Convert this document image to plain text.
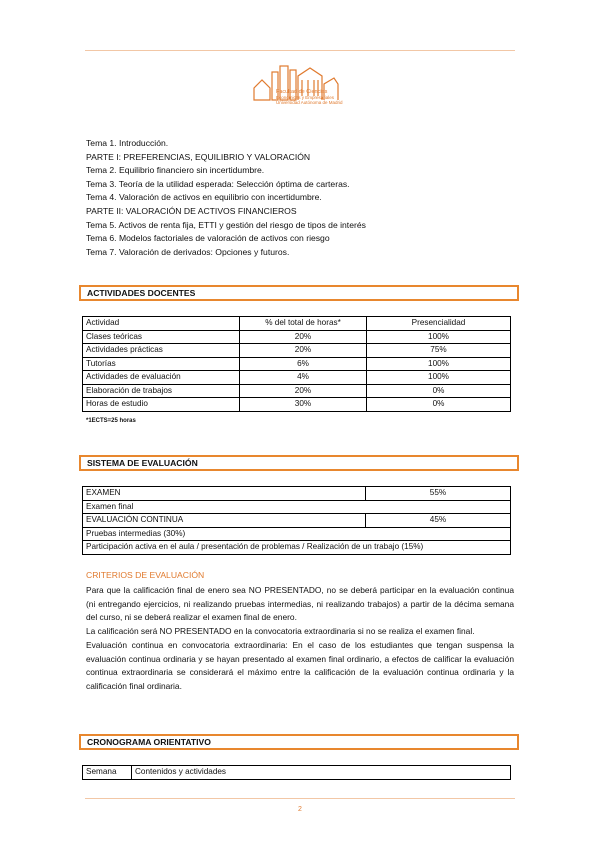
Facultad de Ciencias
Económicas y Empresariales
Universidad Autónoma de Madrid
Tema 1. Introducción.
PARTE I: PREFERENCIAS, EQUILIBRIO Y VALORACIÓN
Tema 2. Equilibrio financiero sin incertidumbre.
Tema 3. Teoría de la utilidad esperada: Selección óptima de carteras.
Tema 4. Valoración de activos en equilibrio con incertidumbre.
PARTE II: VALORACIÓN DE ACTIVOS FINANCIEROS
Tema 5. Activos de renta fija, ETTI y gestión del riesgo de tipos de interés
Tema 6. Modelos factoriales de valoración de activos con riesgo
Tema 7. Valoración de derivados: Opciones y futuros.
ACTIVIDADES DOCENTES
Actividad	% del total de horas*	Presencialidad
Clases teóricas	20%	100%
Actividades prácticas	20%	75%
Tutorías	6%	100%
Actividades de evaluación	4%	100%
Elaboración de trabajos	20%	0%
Horas de estudio	30%	0%
*1ECTS=25 horas
SISTEMA DE EVALUACIÓN
EXAMEN	55%
Examen final	
EVALUACIÓN CONTINUA	45%
Pruebas intermedias (30%)	
Participación activa en el aula / presentación de problemas / Realización de un trabajo (15%)	
CRITERIOS DE EVALUACIÓN

Para que la calificación final de enero sea NO PRESENTADO, no se deberá participar en la evaluación continua (ni entregando ejercicios, ni realizando pruebas intermedias, ni realizando trabajos) a partir de la décima semana del curso, ni se deberá realizar el examen final de enero.

La calificación será NO PRESENTADO en la convocatoria extraordinaria si no se realiza el examen final.

Evaluación continua en convocatoria extraordinaria: En el caso de los estudiantes que tengan suspensa la evaluación continua ordinaria y se hayan presentado al examen final ordinario, a efectos de calificar la evaluación continua extraordinaria se considerará el máximo entre la calificación de la evaluación continua ordinaria y la calificación final ordinaria.

CRONOGRAMA ORIENTATIVO
Semana	Contenidos y actividades
2
